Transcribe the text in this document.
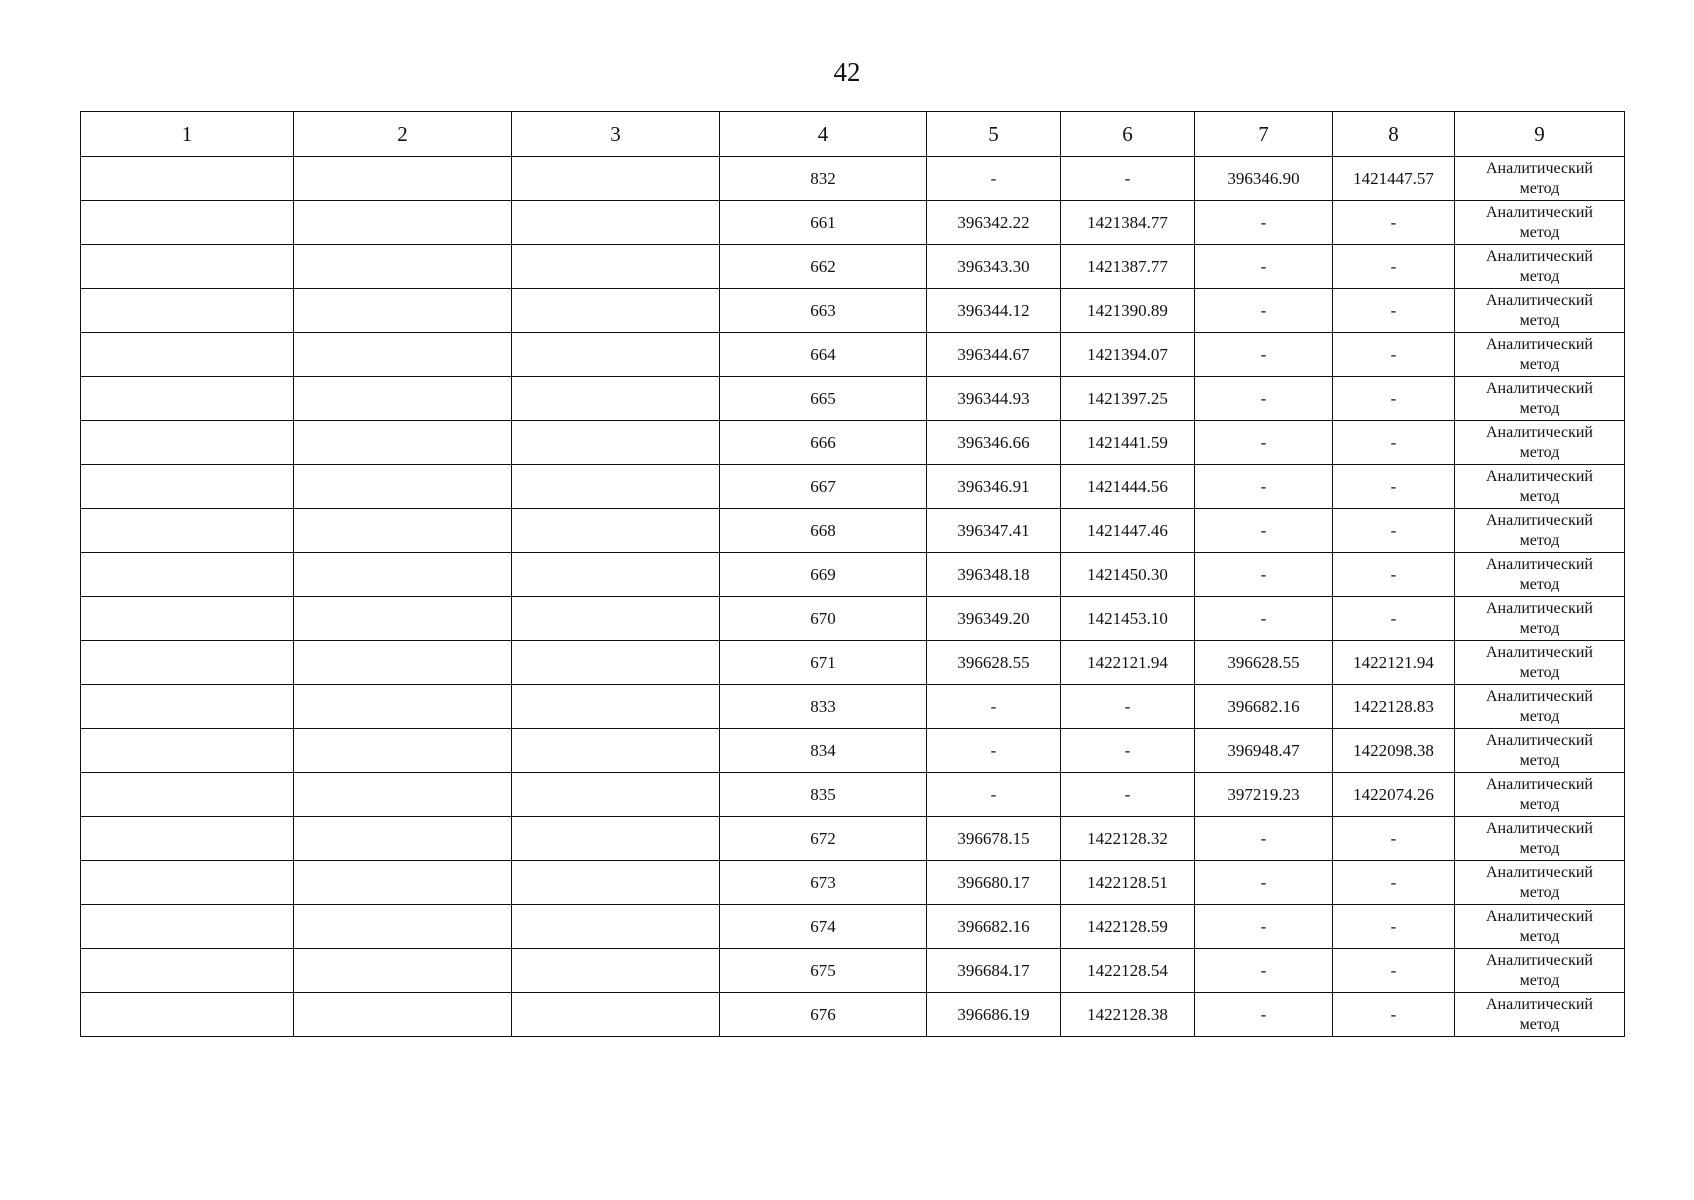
42
1	2	3	4	5	6	7	8	9
			832	-	-	396346.90	1421447.57	Аналитический
метод

			661	396342.22	1421384.77	-	-	Аналитический
метод

			662	396343.30	1421387.77	-	-	Аналитический
метод

			663	396344.12	1421390.89	-	-	Аналитический
метод

			664	396344.67	1421394.07	-	-	Аналитический
метод

			665	396344.93	1421397.25	-	-	Аналитический
метод

			666	396346.66	1421441.59	-	-	Аналитический
метод

			667	396346.91	1421444.56	-	-	Аналитический
метод

			668	396347.41	1421447.46	-	-	Аналитический
метод

			669	396348.18	1421450.30	-	-	Аналитический
метод

			670	396349.20	1421453.10	-	-	Аналитический
метод

			671	396628.55	1422121.94	396628.55	1422121.94	Аналитический
метод

			833	-	-	396682.16	1422128.83	Аналитический
метод

			834	-	-	396948.47	1422098.38	Аналитический
метод

			835	-	-	397219.23	1422074.26	Аналитический
метод

			672	396678.15	1422128.32	-	-	Аналитический
метод

			673	396680.17	1422128.51	-	-	Аналитический
метод

			674	396682.16	1422128.59	-	-	Аналитический
метод

			675	396684.17	1422128.54	-	-	Аналитический
метод

			676	396686.19	1422128.38	-	-	Аналитический
метод
